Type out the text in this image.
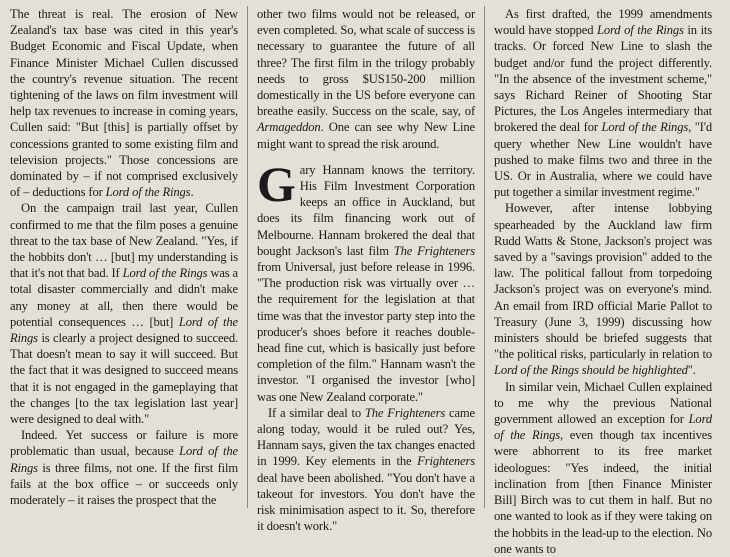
The threat is real. The erosion of New Zealand's tax base was cited in this year's Budget Economic and Fiscal Update, when Finance Minister Michael Cullen discussed the country's revenue situation. The recent tightening of the laws on film investment will help tax revenues to increase in coming years, Cullen said: "But [this] is partially offset by concessions granted to some existing film and television projects." Those concessions are dominated by – if not comprised exclusively of – deductions for Lord of the Rings.

On the campaign trail last year, Cullen confirmed to me that the film poses a genuine threat to the tax base of New Zealand. "Yes, if the hobbits don't … [but] my understanding is that it's not that bad. If Lord of the Rings was a total disaster commercially and didn't make any money at all, then there would be potential consequences … [but] Lord of the Rings is clearly a project designed to succeed. That doesn't mean to say it will succeed. But the fact that it was designed to succeed means that it is not engaged in the gameplaying that the changes [to the tax legislation last year] were designed to deal with."

Indeed. Yet success or failure is more problematic than usual, because Lord of the Rings is three films, not one. If the first film fails at the box office – or succeeds only moderately – it raises the prospect that the

other two films would not be released, or even completed. So, what scale of success is necessary to guarantee the future of all three? The first film in the trilogy probably needs to gross $US150-200 million domestically in the US before everyone can breathe easily. Success on the scale, say, of Armageddon. One can see why New Line might want to spread the risk around.

Gary Hannam knows the territory. His Film Investment Corporation keeps an office in Auckland, but does its film financing work out of Melbourne. Hannam brokered the deal that bought Jackson's last film The Frighteners from Universal, just before release in 1996. "The production risk was virtually over … the requirement for the legislation at that time was that the investor party step into the producer's shoes before it reaches double-head fine cut, which is basically just before completion of the film." Hannam wasn't the investor. "I organised the investor [who] was one New Zealand corporate."

If a similar deal to The Frighteners came along today, would it be ruled out? Yes, Hannam says, given the tax changes enacted in 1999. Key elements in the Frighteners deal have been abolished. "You don't have a takeout for investors. You don't have the risk minimisation aspect to it. So, therefore it doesn't work."

As first drafted, the 1999 amendments would have stopped Lord of the Rings in its tracks. Or forced New Line to slash the budget and/or fund the project differently. "In the absence of the investment scheme," says Richard Reiner of Shooting Star Pictures, the Los Angeles intermediary that brokered the deal for Lord of the Rings, "I'd query whether New Line wouldn't have pushed to make films two and three in the US. Or in Australia, where we could have put together a similar investment regime."

However, after intense lobbying spearheaded by the Auckland law firm Rudd Watts & Stone, Jackson's project was saved by a "savings provision" added to the law. The political fallout from torpedoing Jackson's project was on everyone's mind. An email from IRD official Marie Pallot to Treasury (June 3, 1999) discussing how ministers should be briefed suggests that "the political risks, particularly in relation to Lord of the Rings should be highlighted".

In similar vein, Michael Cullen explained to me why the previous National government allowed an exception for Lord of the Rings, even though tax incentives were abhorrent to its free market ideologues: "Yes indeed, the initial inclination from [then Finance Minister Bill] Birch was to cut them in half. But no one wanted to look as if they were taking on the hobbits in the lead-up to the election. No one wants to
